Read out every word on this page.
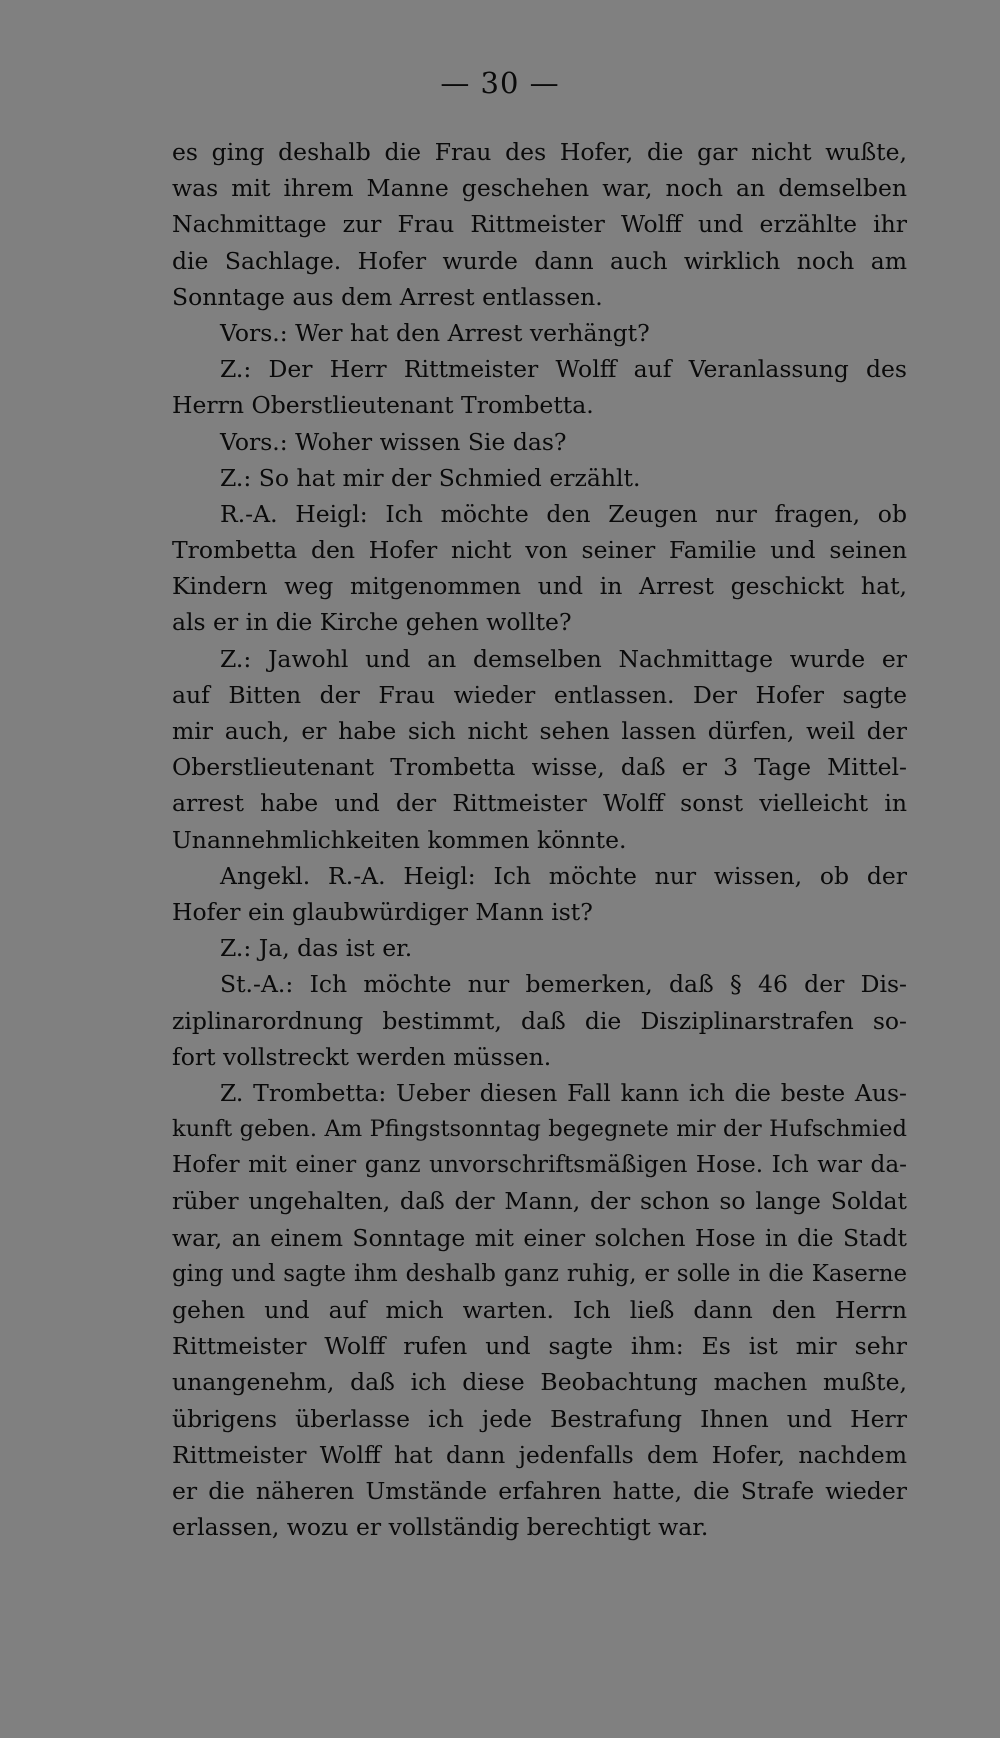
— 30 —
es ging deshalb die Frau des Hofer, die gar nicht wußte,
was mit ihrem Manne geschehen war, noch an demselben
Nachmittage zur Frau Rittmeister Wolff und erzählte ihr
die Sachlage. Hofer wurde dann auch wirklich noch am
Sonntage aus dem Arrest entlassen.
Vors.: Wer hat den Arrest verhängt?
Z.: Der Herr Rittmeister Wolff auf Veranlassung des
Herrn Oberstlieutenant Trombetta.
Vors.: Woher wissen Sie das?
Z.: So hat mir der Schmied erzählt.
R.-A. Heigl: Ich möchte den Zeugen nur fragen, ob
Trombetta den Hofer nicht von seiner Familie und seinen
Kindern weg mitgenommen und in Arrest geschickt hat,
als er in die Kirche gehen wollte?
Z.: Jawohl und an demselben Nachmittage wurde er
auf Bitten der Frau wieder entlassen. Der Hofer sagte
mir auch, er habe sich nicht sehen lassen dürfen, weil der
Oberstlieutenant Trombetta wisse, daß er 3 Tage Mittel-
arrest habe und der Rittmeister Wolff sonst vielleicht in
Unannehmlichkeiten kommen könnte.
Angekl. R.-A. Heigl: Ich möchte nur wissen, ob der
Hofer ein glaubwürdiger Mann ist?
Z.: Ja, das ist er.
St.-A.: Ich möchte nur bemerken, daß § 46 der Dis-
ziplinarordnung bestimmt, daß die Disziplinarstrafen so-
fort vollstreckt werden müssen.
Z. Trombetta: Ueber diesen Fall kann ich die beste Aus-
kunft geben. Am Pfingstsonntag begegnete mir der Hufschmied
Hofer mit einer ganz unvorschriftsmäßigen Hose. Ich war da-
rüber ungehalten, daß der Mann, der schon so lange Soldat
war, an einem Sonntage mit einer solchen Hose in die Stadt
ging und sagte ihm deshalb ganz ruhig, er solle in die Kaserne
gehen und auf mich warten. Ich ließ dann den Herrn
Rittmeister Wolff rufen und sagte ihm: Es ist mir sehr
unangenehm, daß ich diese Beobachtung machen mußte,
übrigens überlasse ich jede Bestrafung Ihnen und Herr
Rittmeister Wolff hat dann jedenfalls dem Hofer, nachdem
er die näheren Umstände erfahren hatte, die Strafe wieder
erlassen, wozu er vollständig berechtigt war.
